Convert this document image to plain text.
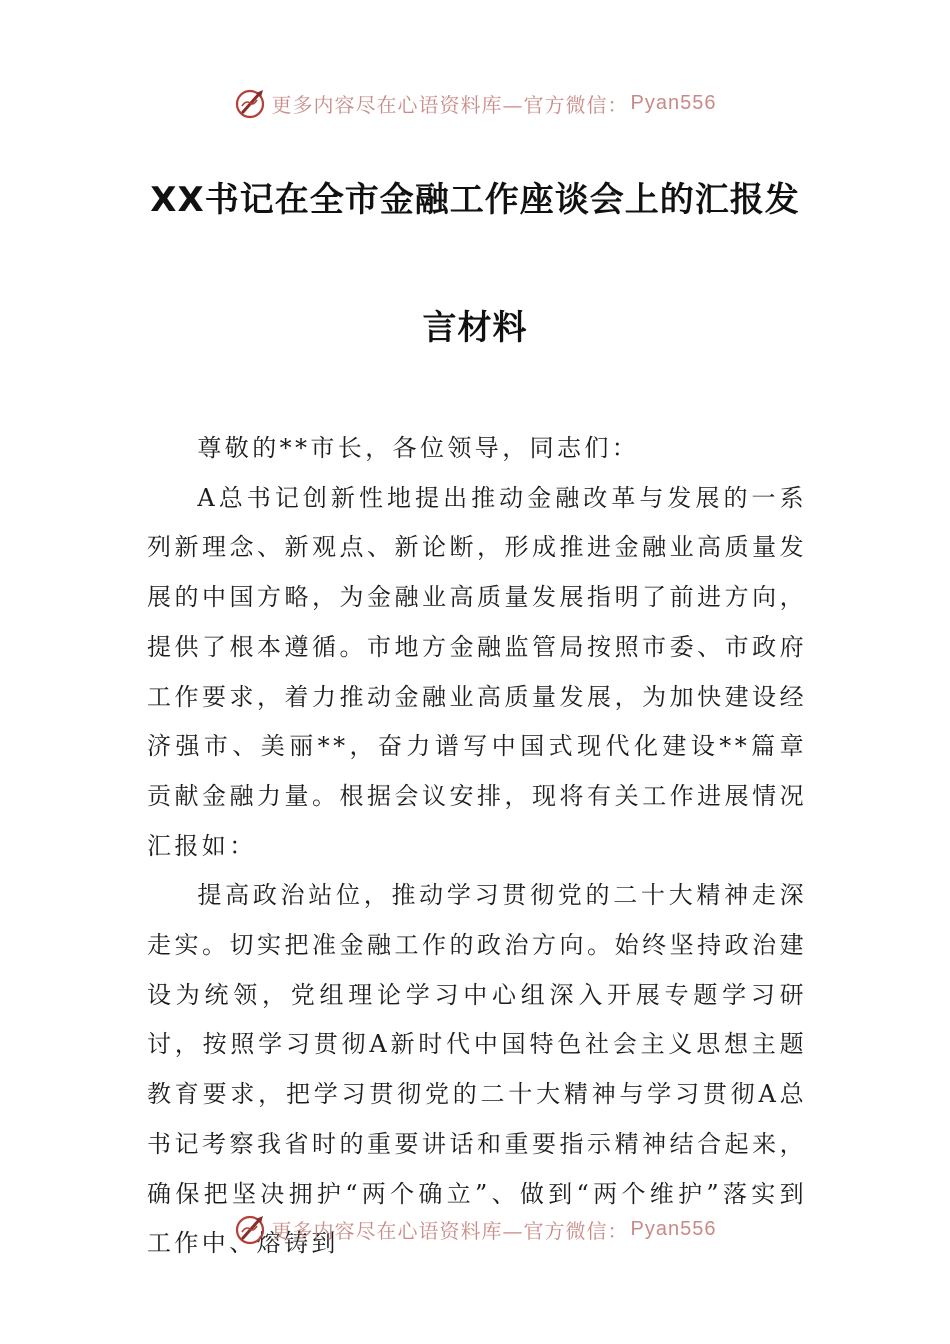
更多内容尽在心语资料库—官方微信： Pyan556
XX书记在全市金融工作座谈会上的汇报发
言材料

尊敬的**市长，各位领导，同志们：

A总书记创新性地提出推动金融改革与发展的一系列新理念、新观点、新论断，形成推进金融业高质量发展的中国方略，为金融业高质量发展指明了前进方向，提供了根本遵循。市地方金融监管局按照市委、市政府工作要求，着力推动金融业高质量发展，为加快建设经济强市、美丽**，奋力谱写中国式现代化建设**篇章贡献金融力量。根据会议安排，现将有关工作进展情况汇报如：

提高政治站位，推动学习贯彻党的二十大精神走深走实。切实把准金融工作的政治方向。始终坚持政治建设为统领，党组理论学习中心组深入开展专题学习研讨，按照学习贯彻A新时代中国特色社会主义思想主题教育要求，把学习贯彻党的二十大精神与学习贯彻A总书记考察我省时的重要讲话和重要指示精神结合起来，确保把坚决拥护“两个确立”、做到“两个维护”落实到工作中、熔铸到

更多内容尽在心语资料库—官方微信： Pyan556
